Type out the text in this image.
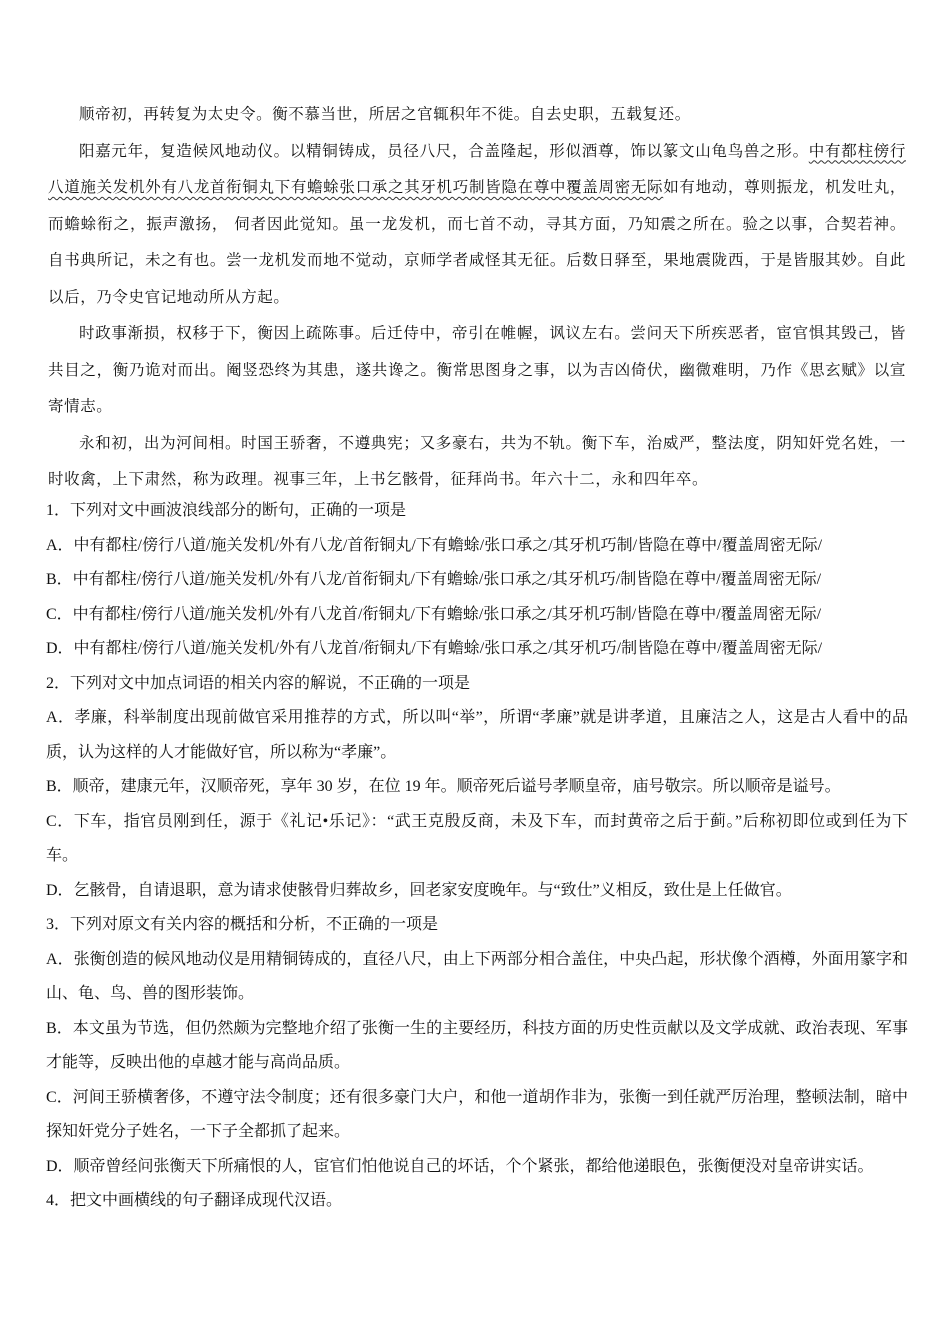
顺帝初，再转复为太史令。衡不慕当世，所居之官辄积年不徙。自去史职，五载复还。

阳嘉元年，复造候风地动仪。以精铜铸成，员径八尺，合盖隆起，形似酒尊，饰以篆文山龟鸟兽之形。中有都柱傍行八道施关发机外有八龙首衔铜丸下有蟾蜍张口承之其牙机巧制皆隐在尊中覆盖周密无际如有地动，尊则振龙，机发吐丸，而蟾蜍衔之，振声激扬， 伺者因此觉知。虽一龙发机，而七首不动，寻其方面，乃知震之所在。验之以事，合契若神。自书典所记，未之有也。尝一龙机发而地不觉动，京师学者咸怪其无征。后数日驿至，果地震陇西，于是皆服其妙。自此以后，乃令史官记地动所从方起。

时政事渐损，权移于下，衡因上疏陈事。后迁侍中，帝引在帷幄，讽议左右。尝问天下所疾恶者，宦官惧其毁己，皆共目之，衡乃诡对而出。阉竖恐终为其患，遂共谗之。衡常思图身之事，以为吉凶倚伏，幽微难明，乃作《思玄赋》以宣寄情志。

永和初，出为河间相。时国王骄奢，不遵典宪；又多豪右，共为不轨。衡下车，治威严，整法度，阴知奸党名姓，一时收禽，上下肃然，称为政理。视事三年，上书乞骸骨，征拜尚书。年六十二，永和四年卒。

1．下列对文中画波浪线部分的断句，正确的一项是
A．中有都柱/傍行八道/施关发机/外有八龙/首衔铜丸/下有蟾蜍/张口承之/其牙机巧制/皆隐在尊中/覆盖周密无际/
B．中有都柱/傍行八道/施关发机/外有八龙/首衔铜丸/下有蟾蜍/张口承之/其牙机巧/制皆隐在尊中/覆盖周密无际/
C．中有都柱/傍行八道/施关发机/外有八龙首/衔铜丸/下有蟾蜍/张口承之/其牙机巧制/皆隐在尊中/覆盖周密无际/
D．中有都柱/傍行八道/施关发机/外有八龙首/衔铜丸/下有蟾蜍/张口承之/其牙机巧/制皆隐在尊中/覆盖周密无际/
2．下列对文中加点词语的相关内容的解说，不正确的一项是
A．孝廉，科举制度出现前做官采用推荐的方式，所以叫“举”，所谓“孝廉”就是讲孝道，且廉洁之人，这是古人看中的品质，认为这样的人才能做好官，所以称为“孝廉”。
B．顺帝，建康元年，汉顺帝死，享年 30 岁，在位 19 年。顺帝死后谥号孝顺皇帝，庙号敬宗。所以顺帝是谥号。
C．下车，指官员刚到任，源于《礼记•乐记》：“武王克殷反商，未及下车，而封黄帝之后于蓟。”后称初即位或到任为下车。
D．乞骸骨，自请退职，意为请求使骸骨归葬故乡，回老家安度晚年。与“致仕”义相反，致仕是上任做官。
3．下列对原文有关内容的概括和分析，不正确的一项是
A．张衡创造的候风地动仪是用精铜铸成的，直径八尺，由上下两部分相合盖住，中央凸起，形状像个酒樽，外面用篆字和山、龟、鸟、兽的图形装饰。
B．本文虽为节选，但仍然颇为完整地介绍了张衡一生的主要经历，科技方面的历史性贡献以及文学成就、政治表现、军事才能等，反映出他的卓越才能与高尚品质。
C．河间王骄横奢侈，不遵守法令制度；还有很多豪门大户，和他一道胡作非为，张衡一到任就严厉治理，整顿法制，暗中探知奸党分子姓名，一下子全都抓了起来。
D．顺帝曾经问张衡天下所痛恨的人，宦官们怕他说自己的坏话，个个紧张，都给他递眼色，张衡便没对皇帝讲实话。
4．把文中画横线的句子翻译成现代汉语。
